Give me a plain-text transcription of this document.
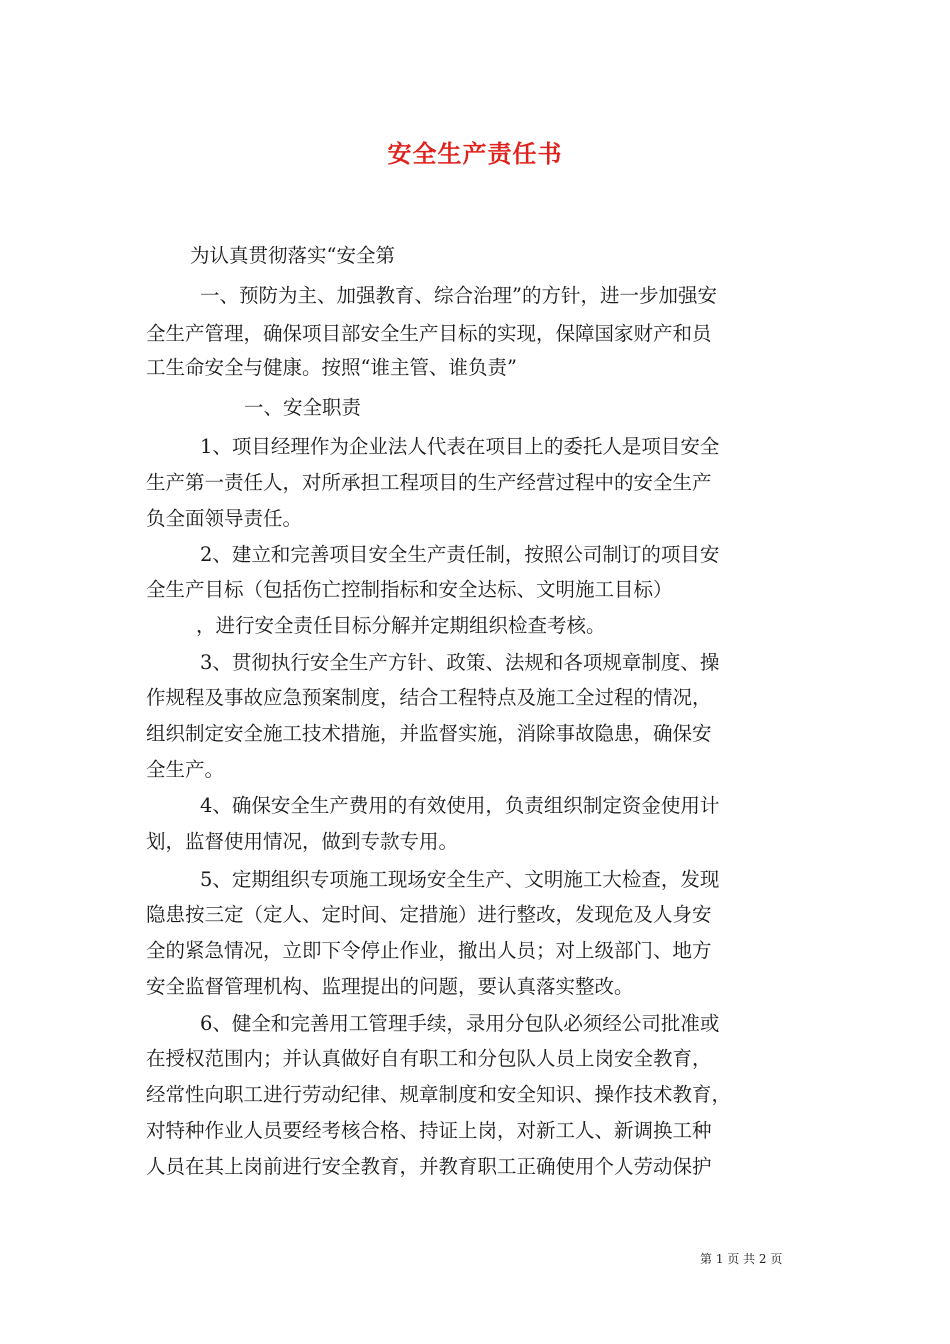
安全生产责任书
为认真贯彻落实“安全第
一、预防为主、加强教育、综合治理”的方针，进一步加强安
全生产管理，确保项目部安全生产目标的实现，保障国家财产和员
工生命安全与健康。按照“谁主管、谁负责”
一、安全职责
1、项目经理作为企业法人代表在项目上的委托人是项目安全
生产第一责任人，对所承担工程项目的生产经营过程中的安全生产
负全面领导责任。
2、建立和完善项目安全生产责任制，按照公司制订的项目安
全生产目标（包括伤亡控制指标和安全达标、文明施工目标）
，进行安全责任目标分解并定期组织检查考核。
3、贯彻执行安全生产方针、政策、法规和各项规章制度、操
作规程及事故应急预案制度，结合工程特点及施工全过程的情况，
组织制定安全施工技术措施，并监督实施，消除事故隐患，确保安
全生产。
4、确保安全生产费用的有效使用，负责组织制定资金使用计
划，监督使用情况，做到专款专用。
5、定期组织专项施工现场安全生产、文明施工大检查，发现
隐患按三定（定人、定时间、定措施）进行整改，发现危及人身安
全的紧急情况，立即下令停止作业，撤出人员；对上级部门、地方
安全监督管理机构、监理提出的问题，要认真落实整改。
6、健全和完善用工管理手续，录用分包队必须经公司批准或
在授权范围内；并认真做好自有职工和分包队人员上岗安全教育，
经常性向职工进行劳动纪律、规章制度和安全知识、操作技术教育，
对特种作业人员要经考核合格、持证上岗，对新工人、新调换工种
人员在其上岗前进行安全教育，并教育职工正确使用个人劳动保护
第 1 页 共 2 页
